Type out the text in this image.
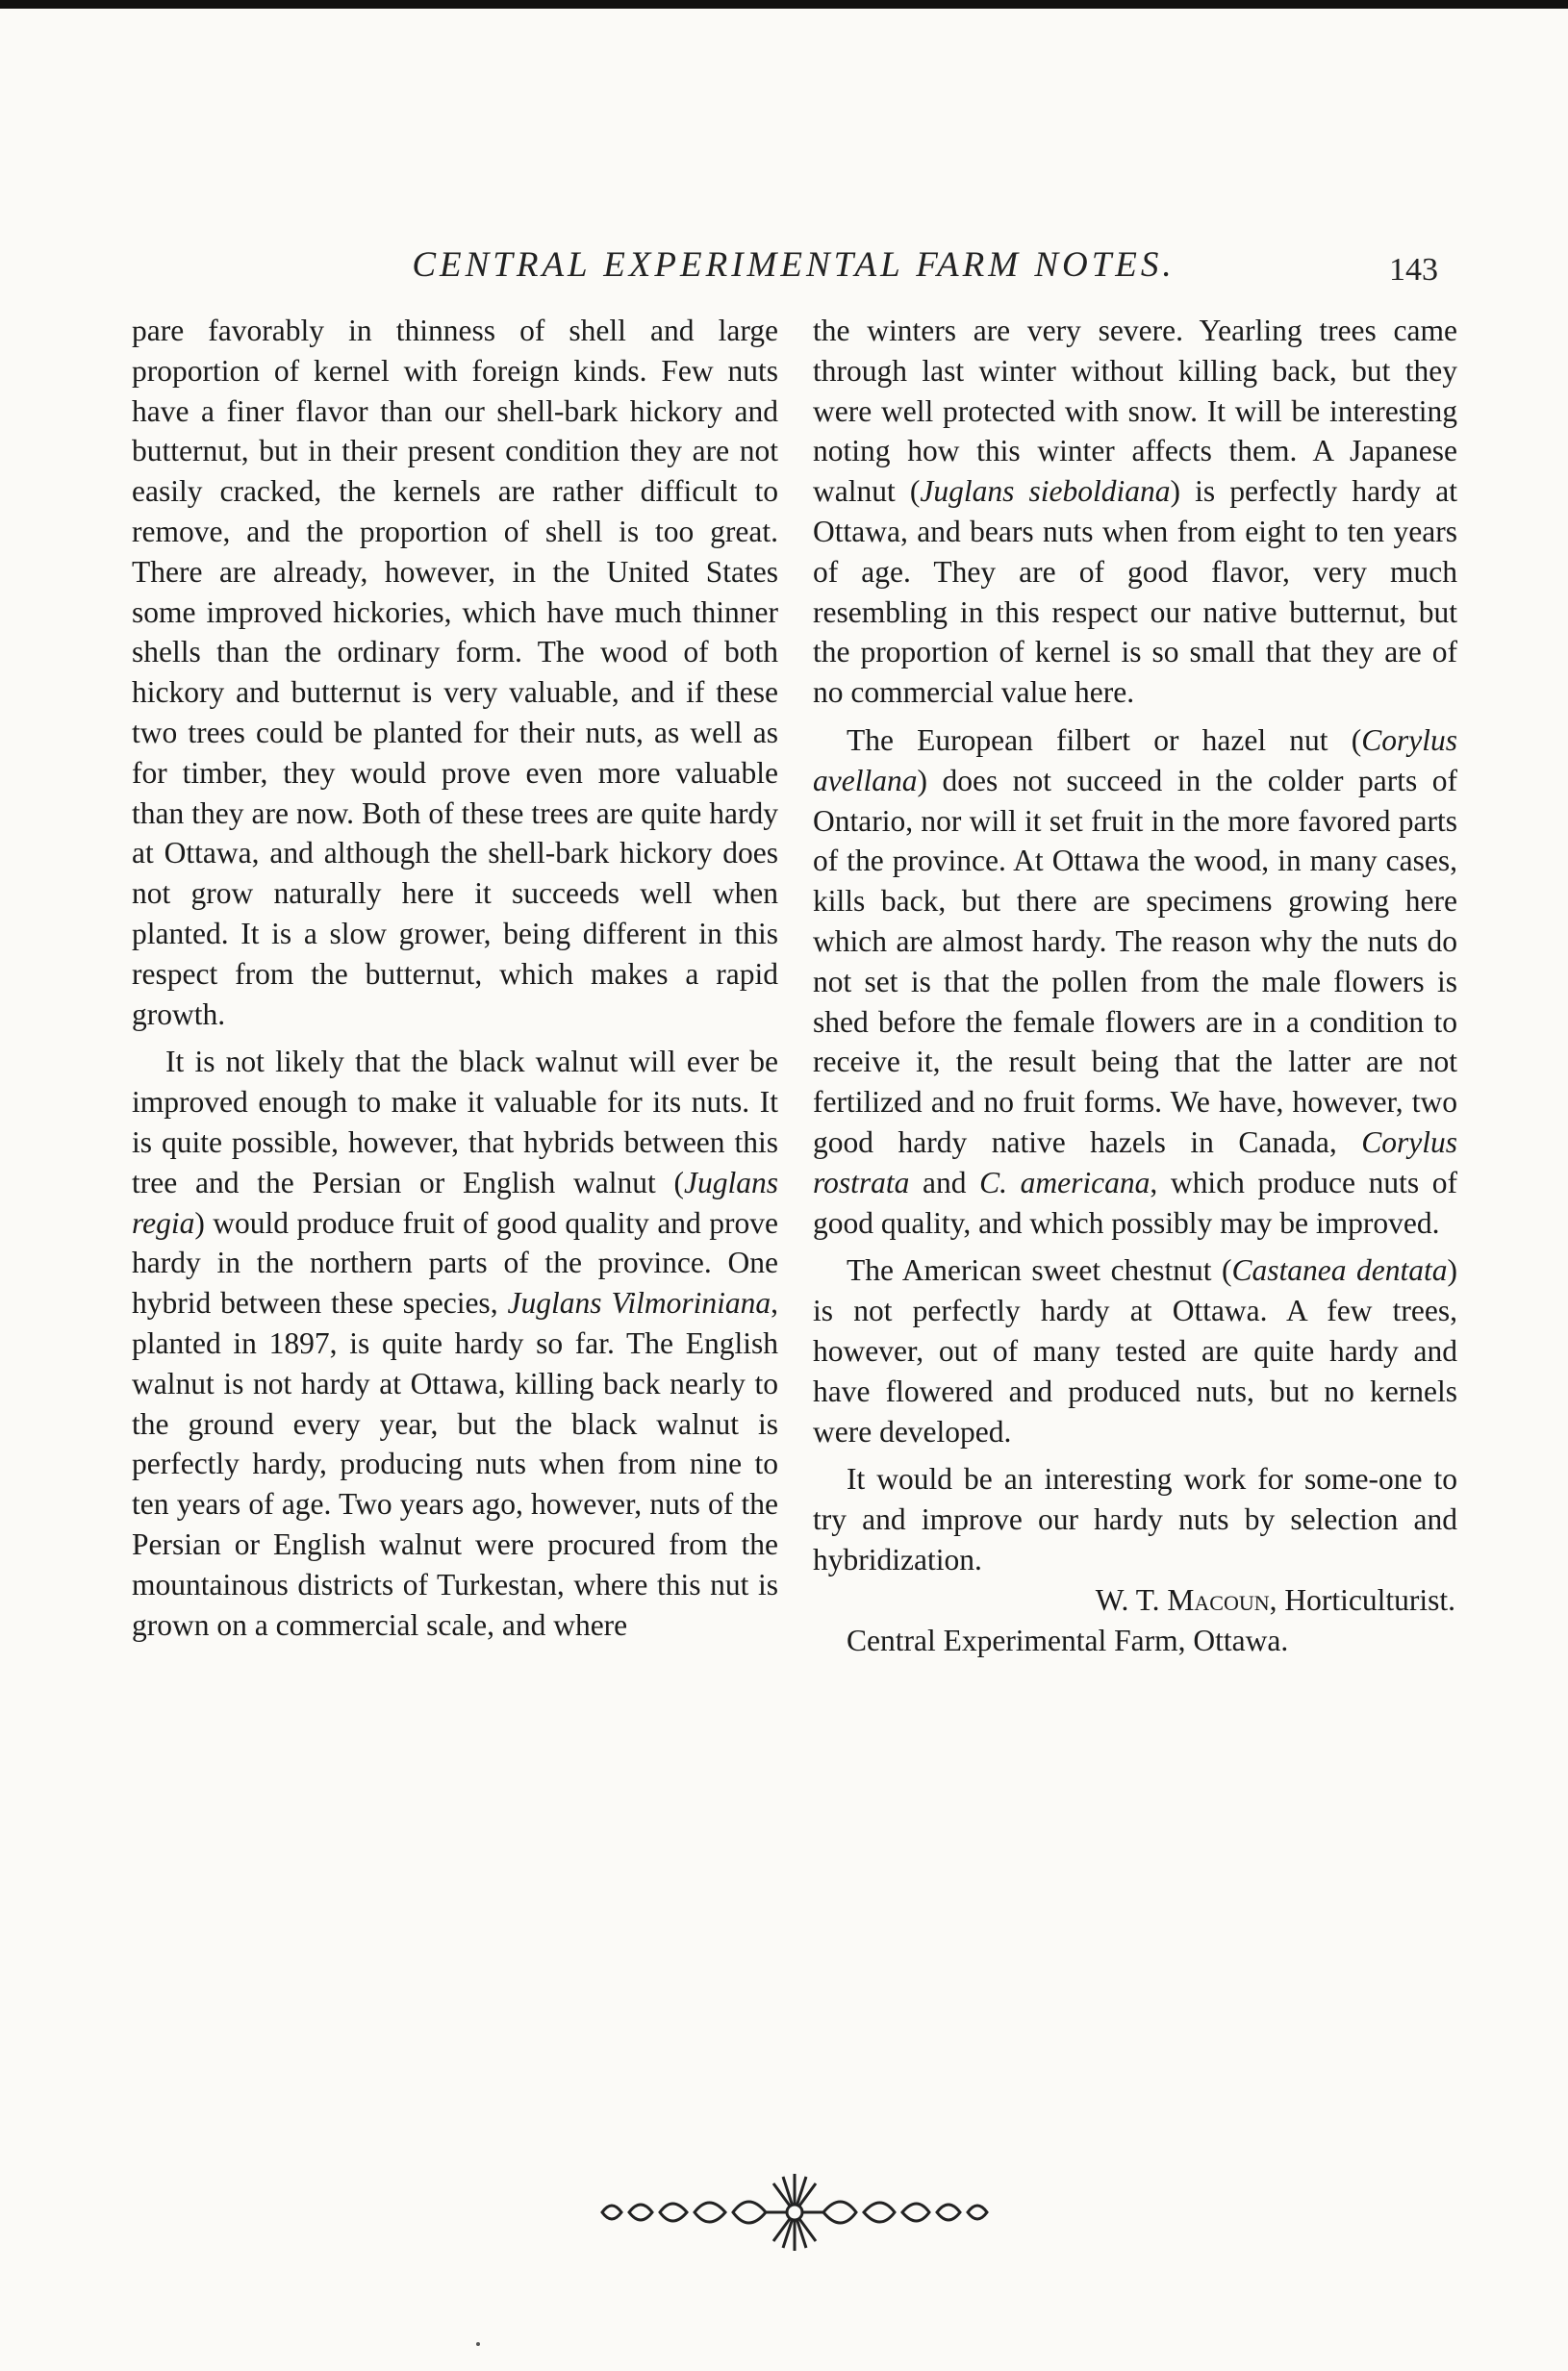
CENTRAL EXPERIMENTAL FARM NOTES.	143

pare favorably in thinness of shell and large proportion of kernel with foreign kinds. Few nuts have a finer flavor than our shell-bark hickory and butternut, but in their present condition they are not easily cracked, the kernels are rather difficult to remove, and the proportion of shell is too great. There are already, however, in the United States some improved hickories, which have much thinner shells than the ordinary form. The wood of both hickory and butternut is very valuable, and if these two trees could be planted for their nuts, as well as for timber, they would prove even more valuable than they are now. Both of these trees are quite hardy at Ottawa, and although the shell-bark hickory does not grow naturally here it succeeds well when planted. It is a slow grower, being different in this respect from the butternut, which makes a rapid growth.

It is not likely that the black walnut will ever be improved enough to make it valuable for its nuts. It is quite possible, however, that hybrids between this tree and the Persian or English walnut (Juglans regia) would produce fruit of good quality and prove hardy in the northern parts of the province. One hybrid between these species, Juglans Vilmoriniana, planted in 1897, is quite hardy so far. The English walnut is not hardy at Ottawa, killing back nearly to the ground every year, but the black walnut is perfectly hardy, producing nuts when from nine to ten years of age. Two years ago, however, nuts of the Persian or English walnut were procured from the mountainous districts of Turkestan, where this nut is grown on a commercial scale, and where

the winters are very severe. Yearling trees came through last winter without killing back, but they were well protected with snow. It will be interesting noting how this winter affects them. A Japanese walnut (Juglans sieboldiana) is perfectly hardy at Ottawa, and bears nuts when from eight to ten years of age. They are of good flavor, very much resembling in this respect our native butternut, but the proportion of kernel is so small that they are of no commercial value here.

The European filbert or hazel nut (Corylus avellana) does not succeed in the colder parts of Ontario, nor will it set fruit in the more favored parts of the province. At Ottawa the wood, in many cases, kills back, but there are specimens growing here which are almost hardy. The reason why the nuts do not set is that the pollen from the male flowers is shed before the female flowers are in a condition to receive it, the result being that the latter are not fertilized and no fruit forms. We have, however, two good hardy native hazels in Canada, Corylus rostrata and C. americana, which produce nuts of good quality, and which possibly may be improved.

The American sweet chestnut (Castanea dentata) is not perfectly hardy at Ottawa. A few trees, however, out of many tested are quite hardy and have flowered and produced nuts, but no kernels were developed.

It would be an interesting work for some-one to try and improve our hardy nuts by selection and hybridization.

W. T. Macoun, Horticulturist.

Central Experimental Farm, Ottawa.
